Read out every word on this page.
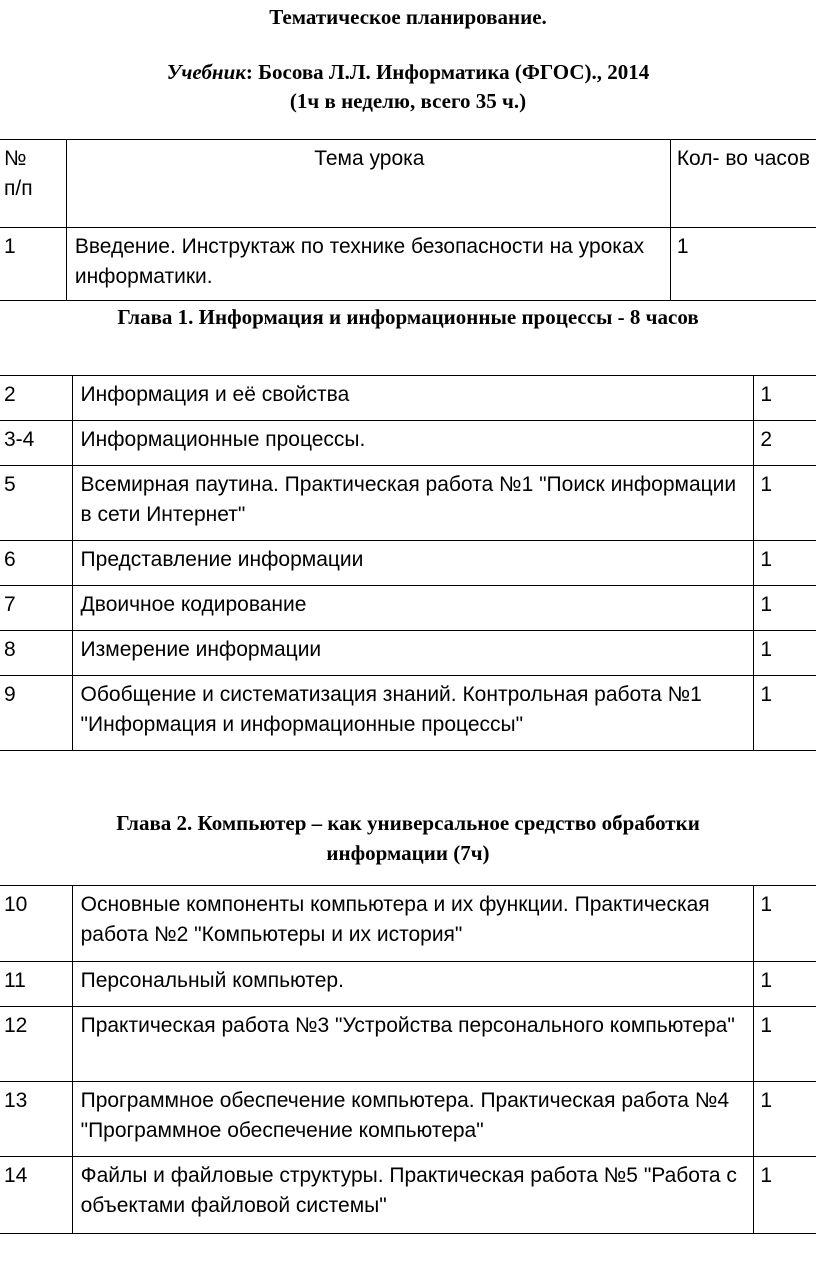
Тематическое планирование.
Учебник: Босова Л.Л. Информатика (ФГОС)., 2014
(1ч в неделю, всего 35 ч.)
№
п/п	Тема урока	Кол- во часов
1	Введение. Инструктаж по технике безопасности на уроках информатики.	1
Глава 1. Информация и информационные процессы - 8 часов
2	Информация и её свойства	1
3-4	Информационные процессы.	2
5	Всемирная паутина. Практическая работа №1 "Поиск информации в сети Интернет"	1
6	Представление информации	1
7	Двоичное кодирование	1
8	Измерение информации	1
9	Обобщение и систематизация знаний. Контрольная работа №1 "Информация и информационные процессы"	1
Глава 2. Компьютер – как универсальное средство обработки
информации (7ч)
10	Основные компоненты компьютера и их функции. Практическая работа №2 "Компьютеры и их история"	1
11	Персональный компьютер.	1
12	Практическая работа №3 "Устройства персонального компьютера"	1
13	Программное обеспечение компьютера. Практическая работа №4 "Программное обеспечение компьютера"	1
14	Файлы и файловые структуры. Практическая работа №5 "Работа с объектами файловой системы"	1
